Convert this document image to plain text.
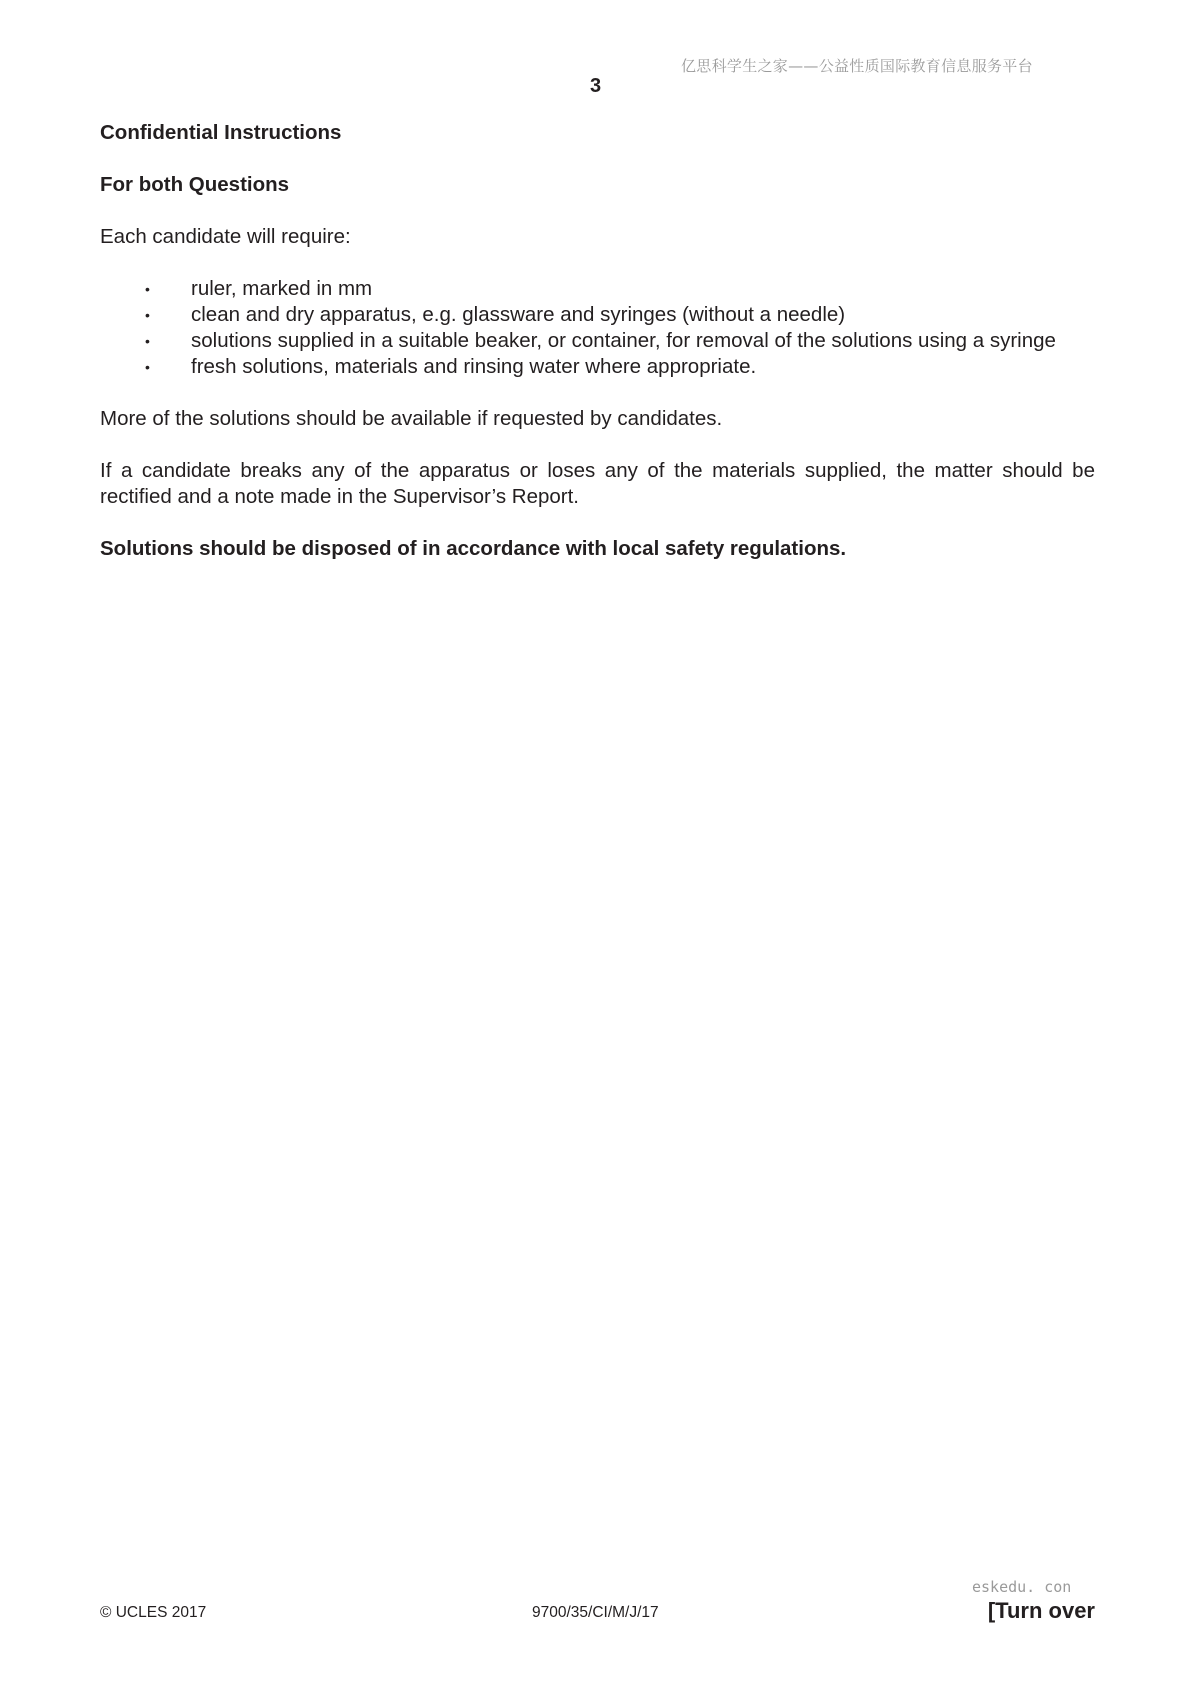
亿思科学生之家——公益性质国际教育信息服务平台
3

Confidential Instructions

For both Questions

Each candidate will require:

• ruler, marked in mm
• clean and dry apparatus, e.g. glassware and syringes (without a needle)
• solutions supplied in a suitable beaker, or container, for removal of the solutions using a syringe
• fresh solutions, materials and rinsing water where appropriate.

More of the solutions should be available if requested by candidates.

If a candidate breaks any of the apparatus or loses any of the materials supplied, the matter should be rectified and a note made in the Supervisor’s Report.

Solutions should be disposed of in accordance with local safety regulations.

eskedu. con
© UCLES 2017	9700/35/CI/M/J/17	[Turn over
